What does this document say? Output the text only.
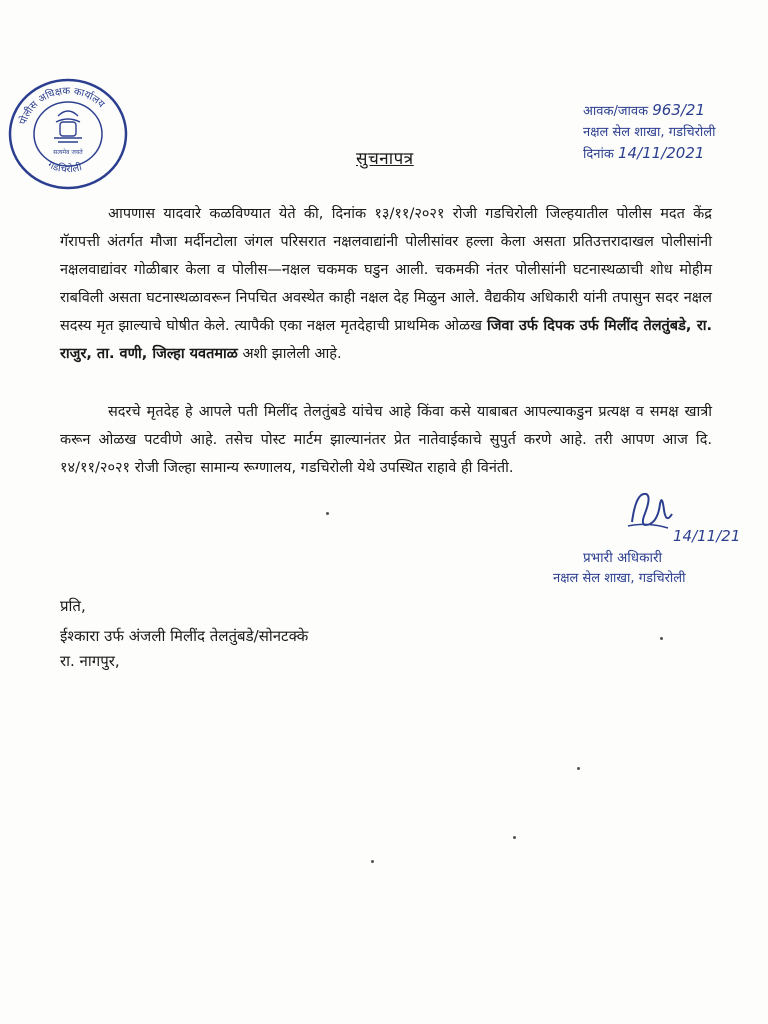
पोलीस अधिक्षक कार्यालय
गडचिरोली
सत्यमेव जयते
आवक/जावक 963/21
नक्षल सेल शाखा, गडचिरोली
दिनांक 14/11/2021
सुचनापत्र
आपणास यादवारे कळविण्यात येते की, दिनांक १३/११/२०२१ रोजी गडचिरोली जिल्हयातील पोलीस मदत केंद्र गॅरापत्ती अंतर्गत मौजा मर्दीनटोला जंगल परिसरात नक्षलवाद्यांनी पोलीसांवर हल्ला केला असता प्रतिउत्तरादाखल पोलीसांनी नक्षलवाद्यांवर गोळीबार केला व पोलीस—नक्षल चकमक घडुन आली. चकमकी नंतर पोलीसांनी घटनास्थळाची शोध मोहीम राबविली असता घटनास्थळावरून निपचित अवस्थेत काही नक्षल देह मिळुन आले. वैद्यकीय अधिकारी यांनी तपासुन सदर नक्षल सदस्य मृत झाल्याचे घोषीत केले. त्यापैकी एका नक्षल मृतदेहाची प्राथमिक ओळख जिवा उर्फ दिपक उर्फ मिलींद तेलतुंबडे, रा. राजुर, ता. वणी, जिल्हा यवतमाळ अशी झालेली आहे.
सदरचे मृतदेह हे आपले पती मिलींद तेलतुंबडे यांचेच आहे किंवा कसे याबाबत आपल्याकडुन प्रत्यक्ष व समक्ष खात्री करून ओळख पटवीणे आहे. तसेच पोस्ट मार्टम झाल्यानंतर प्रेत नातेवाईकाचे सुपुर्त करणे आहे. तरी आपण आज दि. १४/११/२०२१ रोजी जिल्हा सामान्य रूग्णालय, गडचिरोली येथे उपस्थित राहावे ही विनंती.
14/11/21
प्रभारी अधिकारी
नक्षल सेल शाखा, गडचिरोली
प्रति,
ईश्कारा उर्फ अंजली मिलींद तेलतुंबडे/सोनटक्के
रा. नागपुर,
